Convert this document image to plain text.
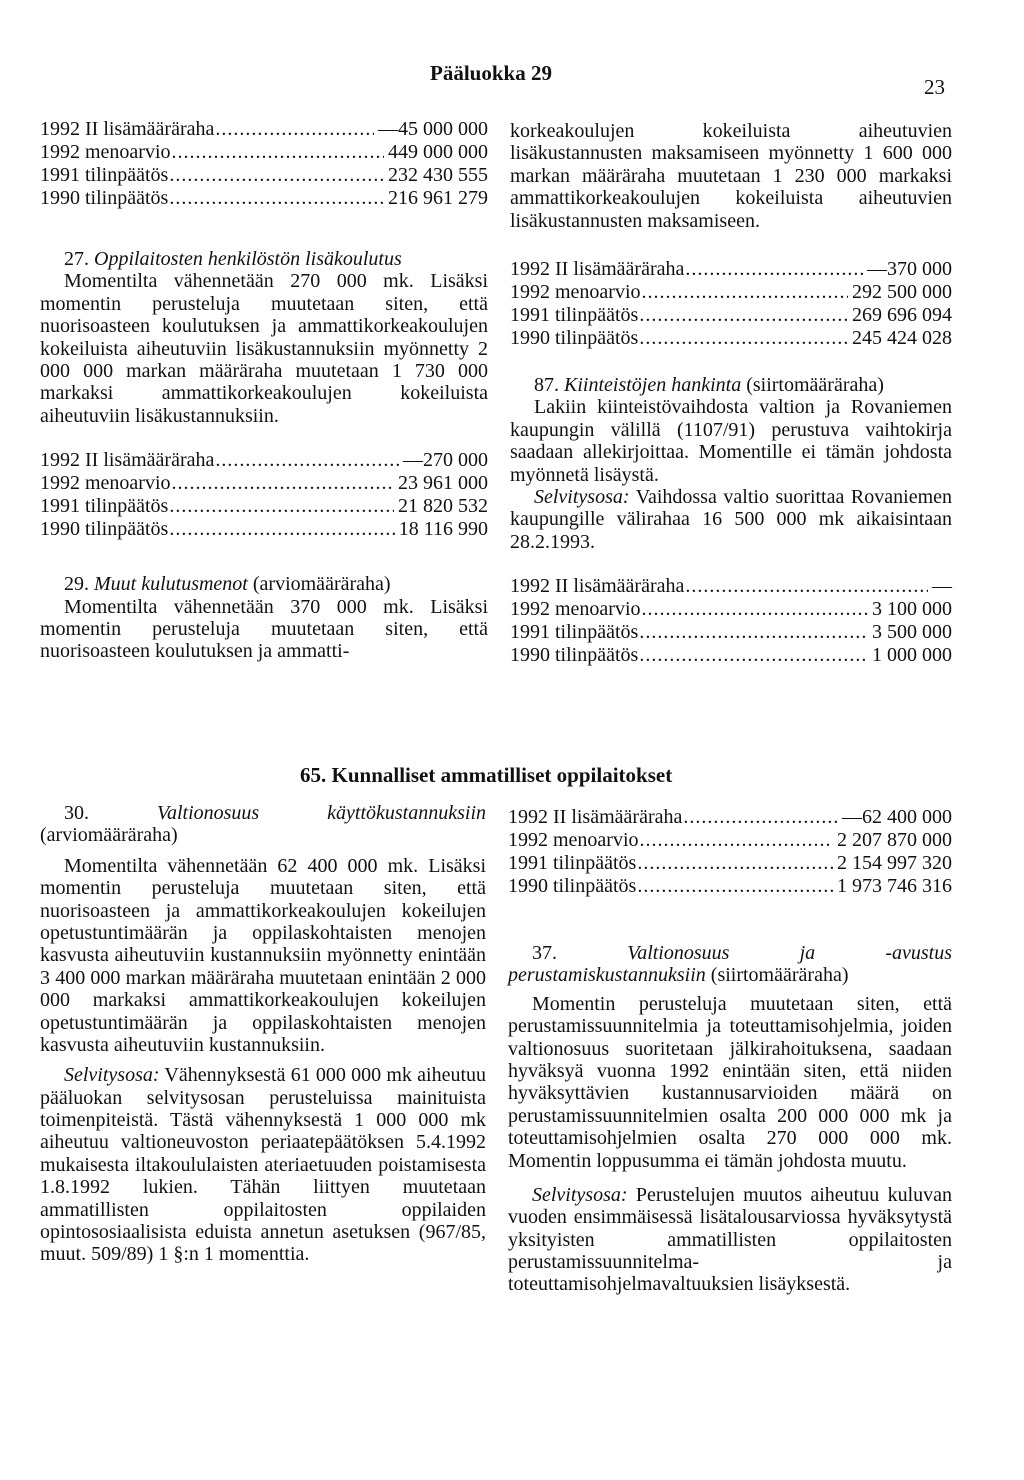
Pääluokka 29
23
1992 II lisämääräraha .....	—45 000 000
1992 menoarvio .....	449 000 000
1991 tilinpäätös .....	232 430 555
1990 tilinpäätös .....	216 961 279

27. Oppilaitosten henkilöstön lisäkoulutus
Momentilta vähennetään 270 000 mk. Lisäksi momentin perusteluja muutetaan siten, että nuorisoasteen koulutuksen ja ammattikorkeakoulujen kokeiluista aiheutuviin lisäkustannuksiin myönnetty 2 000 000 markan määräraha muutetaan 1 730 000 markaksi ammattikorkeakoulujen kokeiluista aiheutuviin lisäkustannuksiin.

1992 II lisämääräraha .....	—270 000
1992 menoarvio .....	23 961 000
1991 tilinpäätös .....	21 820 532
1990 tilinpäätös .....	18 116 990

29. Muut kulutusmenot (arviomääräraha)
Momentilta vähennetään 370 000 mk. Lisäksi momentin perusteluja muutetaan siten, että nuorisoasteen koulutuksen ja ammatti-

korkeakoulujen kokeiluista aiheutuvien lisäkustannusten maksamiseen myönnetty 1 600 000 markan määräraha muutetaan 1 230 000 markaksi ammattikorkeakoulujen kokeiluista aiheutuvien lisäkustannusten maksamiseen.

1992 II lisämääräraha .....	—370 000
1992 menoarvio .....	292 500 000
1991 tilinpäätös .....	269 696 094
1990 tilinpäätös .....	245 424 028

87. Kiinteistöjen hankinta (siirtomääräraha)
Lakiin kiinteistövaihdosta valtion ja Rovaniemen kaupungin välillä (1107/91) perustuva vaihtokirja saadaan allekirjoittaa. Momentille ei tämän johdosta myönnetä lisäystä.
Selvitysosa: Vaihdossa valtio suorittaa Rovaniemen kaupungille välirahaa 16 500 000 mk aikaisintaan 28.2.1993.

1992 II lisämääräraha .....	—
1992 menoarvio .....	3 100 000
1991 tilinpäätös .....	3 500 000
1990 tilinpäätös .....	1 000 000
65. Kunnalliset ammatilliset oppilaitokset

30.	Valtionosuus käyttökustannuksiin (arviomääräraha)

Momentilta vähennetään 62 400 000 mk. Lisäksi momentin perusteluja muutetaan siten, että nuorisoasteen ja ammattikorkeakoulujen kokeilujen opetustuntimäärän ja oppilaskohtaisten menojen kasvusta aiheutuviin kustannuksiin myönnetty enintään 3 400 000 markan määräraha muutetaan enintään 2 000 000 markaksi ammattikorkeakoulujen kokeilujen opetustuntimäärän ja oppilaskohtaisten menojen kasvusta aiheutuviin kustannuksiin.

Selvitysosa: Vähennyksestä 61 000 000 mk aiheutuu pääluokan selvitysosan perusteluissa mainituista toimenpiteistä. Tästä vähennyksestä 1 000 000 mk aiheutuu valtioneuvoston periaatepäätöksen 5.4.1992 mukaisesta iltakoululaisten ateriaetuuden poistamisesta 1.8.1992 lukien. Tähän liittyen muutetaan ammatillisten oppilaitosten oppilaiden opintososiaalisista eduista annetun asetuksen (967/85, muut. 509/89) 1 §:n 1 momenttia.

1992 II lisämääräraha .....	—62 400 000
1992 menoarvio .....	2 207 870 000
1991 tilinpäätös .....	2 154 997 320
1990 tilinpäätös .....	1 973 746 316

37.	Valtionosuus ja -avustus perustamiskustannuksiin (siirtomääräraha)

Momentin perusteluja muutetaan siten, että perustamissuunnitelmia ja toteuttamisohjelmia, joiden valtionosuus suoritetaan jälkirahoituksena, saadaan hyväksyä vuonna 1992 enintään siten, että niiden hyväksyttävien kustannusarvioiden määrä on perustamissuunnitelmien osalta 200 000 000 mk ja toteuttamisohjelmien osalta 270 000 000 mk. Momentin loppusumma ei tämän johdosta muutu.

Selvitysosa: Perustelujen muutos aiheutuu kuluvan vuoden ensimmäisessä lisätalousarviossa hyväksytystä yksityisten ammatillisten oppilaitosten perustamissuunnitelma- ja toteuttamisohjelmavaltuuksien lisäyksestä.
